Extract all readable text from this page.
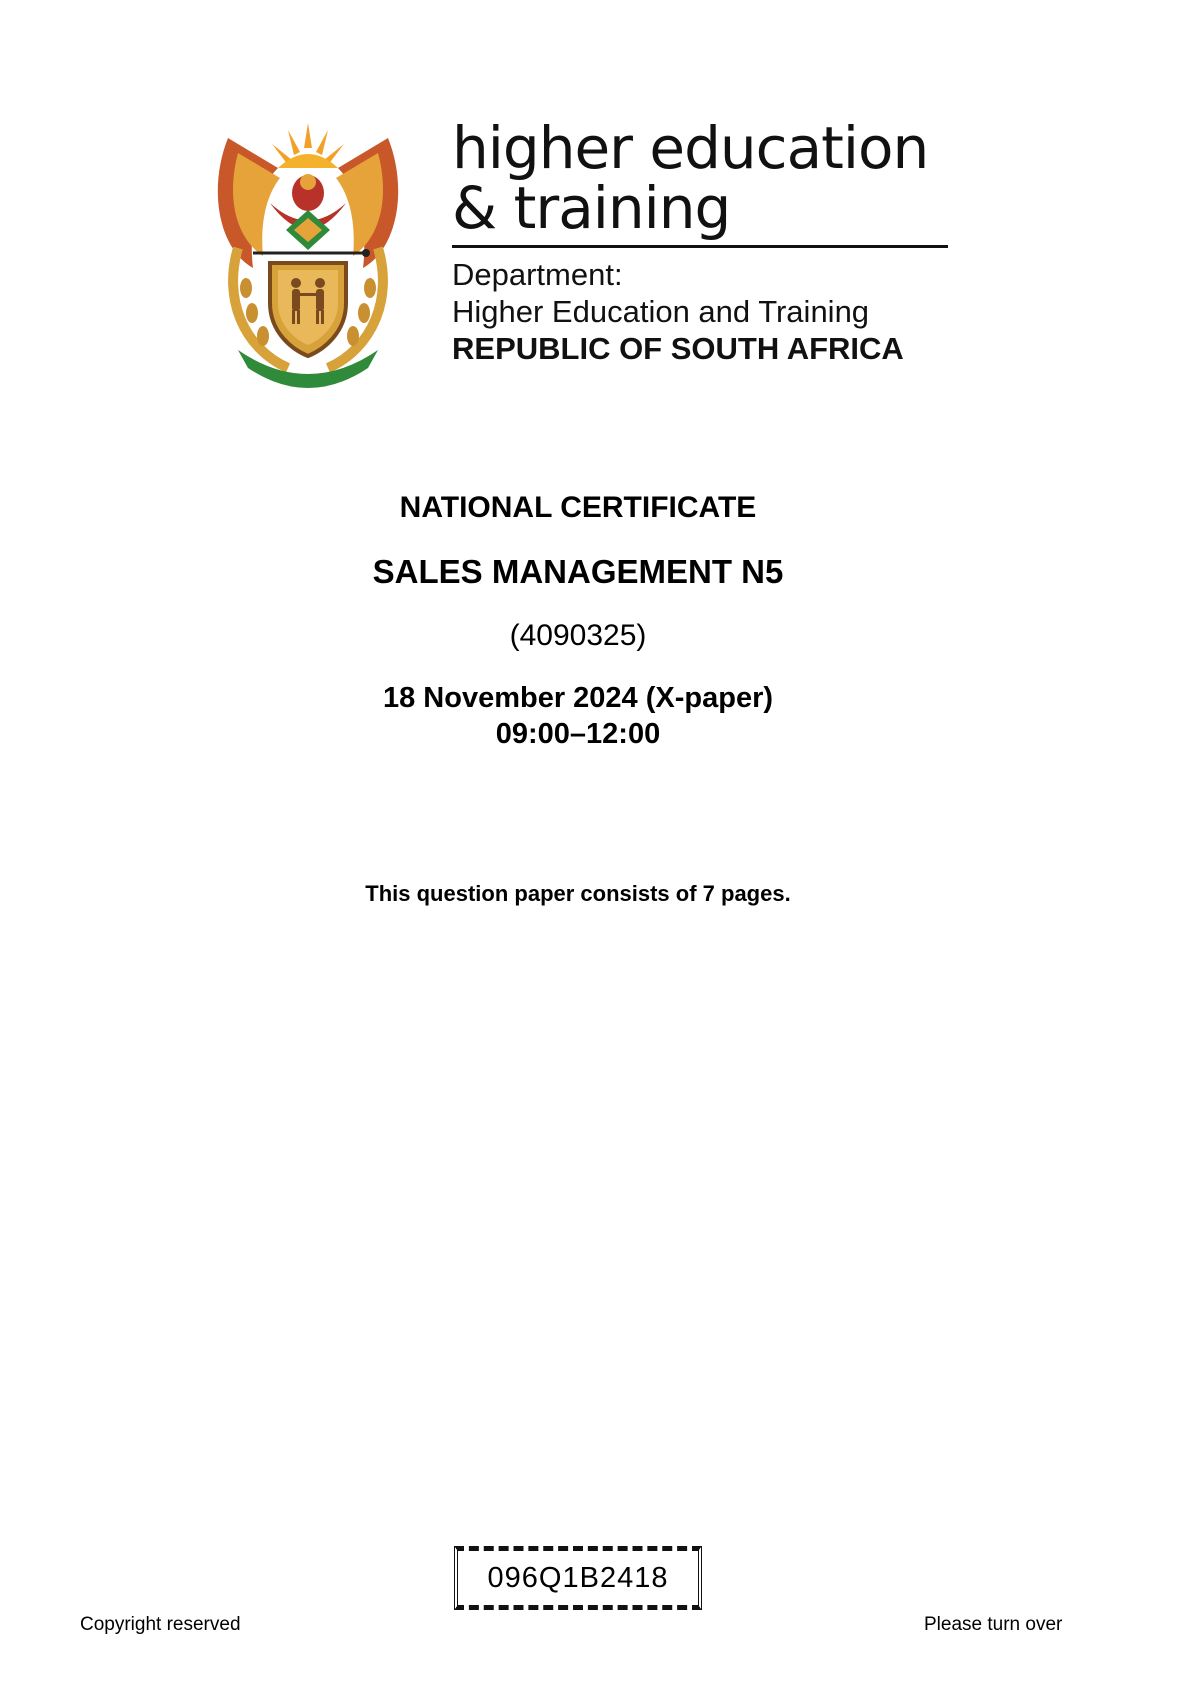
higher education
& training
Department:
Higher Education and Training
REPUBLIC OF SOUTH AFRICA

NATIONAL CERTIFICATE

SALES MANAGEMENT N5

(4090325)

18 November 2024 (X-paper)

09:00–12:00

This question paper consists of 7 pages.
096Q1B2418
Copyright reserved	Please turn over
